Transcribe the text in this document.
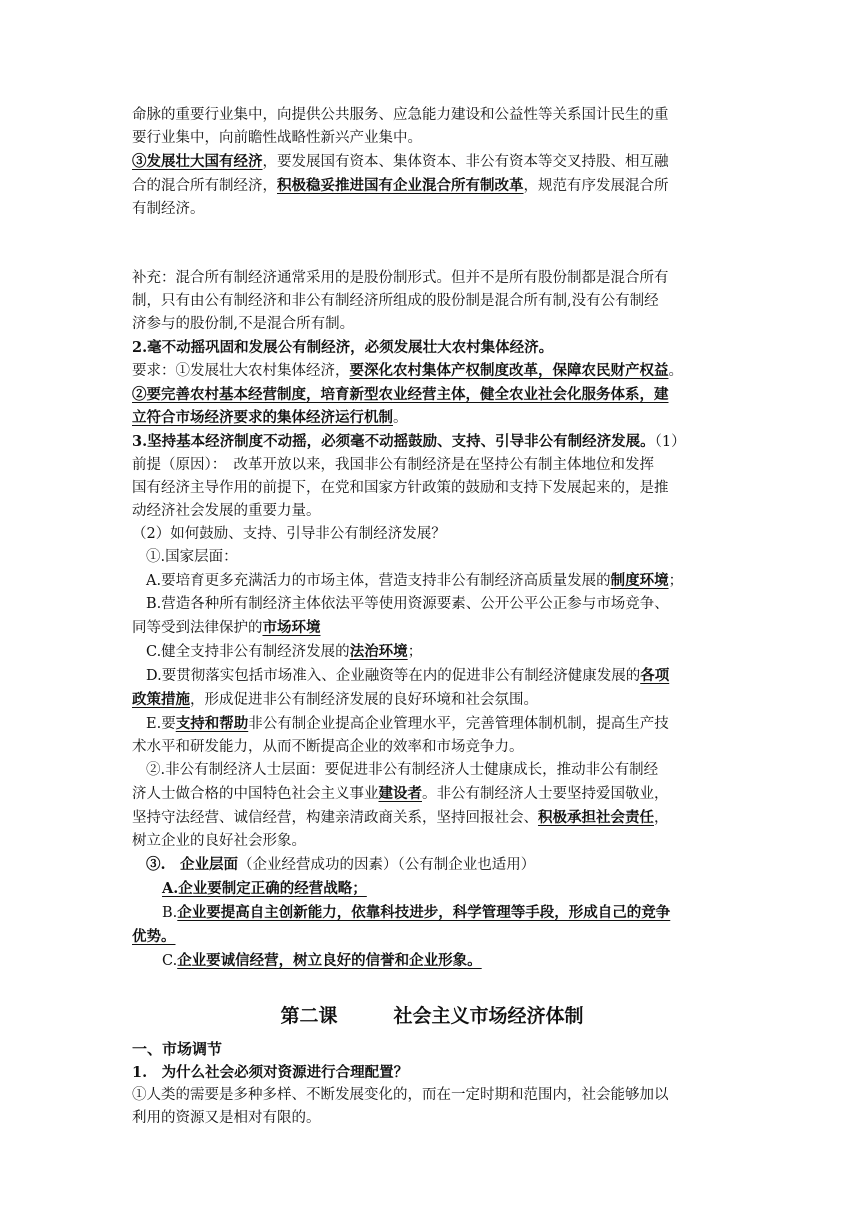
命脉的重要行业集中，向提供公共服务、应急能力建设和公益性等关系国计民生的重

要行业集中，向前瞻性战略性新兴产业集中。

③发展壮大国有经济，要发展国有资本、集体资本、非公有资本等交叉持股、相互融

合的混合所有制经济，积极稳妥推进国有企业混合所有制改革，规范有序发展混合所

有制经济。

补充：混合所有制经济通常采用的是股份制形式。但并不是所有股份制都是混合所有

制，只有由公有制经济和非公有制经济所组成的股份制是混合所有制,没有公有制经

济参与的股份制,不是混合所有制。

2.毫不动摇巩固和发展公有制经济，必须发展壮大农村集体经济。

要求：①发展壮大农村集体经济，要深化农村集体产权制度改革，保障农民财产权益。

②要完善农村基本经营制度，培育新型农业经营主体，健全农业社会化服务体系，建

立符合市场经济要求的集体经济运行机制。

3.坚持基本经济制度不动摇，必须毫不动摇鼓励、支持、引导非公有制经济发展。（1）

前提（原因）：　改革开放以来，我国非公有制经济是在坚持公有制主体地位和发挥

国有经济主导作用的前提下，在党和国家方针政策的鼓励和支持下发展起来的，是推

动经济社会发展的重要力量。

（2）如何鼓励、支持、引导非公有制经济发展？

①.国家层面：

A.要培育更多充满活力的市场主体，营造支持非公有制经济高质量发展的制度环境；

B.营造各种所有制经济主体依法平等使用资源要素、公开公平公正参与市场竞争、

同等受到法律保护的市场环境

C.健全支持非公有制经济发展的法治环境；

D.要贯彻落实包括市场准入、企业融资等在内的促进非公有制经济健康发展的各项

政策措施，形成促进非公有制经济发展的良好环境和社会氛围。

E.要支持和帮助非公有制企业提高企业管理水平，完善管理体制机制，提高生产技

术水平和研发能力，从而不断提高企业的效率和市场竞争力。

②.非公有制经济人士层面：要促进非公有制经济人士健康成长，推动非公有制经

济人士做合格的中国特色社会主义事业建设者。非公有制经济人士要坚持爱国敬业，

坚持守法经营、诚信经营，构建亲清政商关系，坚持回报社会、积极承担社会责任，

树立企业的良好社会形象。

③.　企业层面（企业经营成功的因素）（公有制企业也适用）

A.企业要制定正确的经营战略；

B.企业要提高自主创新能力，依靠科技进步，科学管理等手段，形成自己的竞争

优势。

C.企业要诚信经营，树立良好的信誉和企业形象。

第二课	社会主义市场经济体制

一、市场调节

1.　为什么社会必须对资源进行合理配置？

①人类的需要是多种多样、不断发展变化的，而在一定时期和范围内，社会能够加以

利用的资源又是相对有限的。
